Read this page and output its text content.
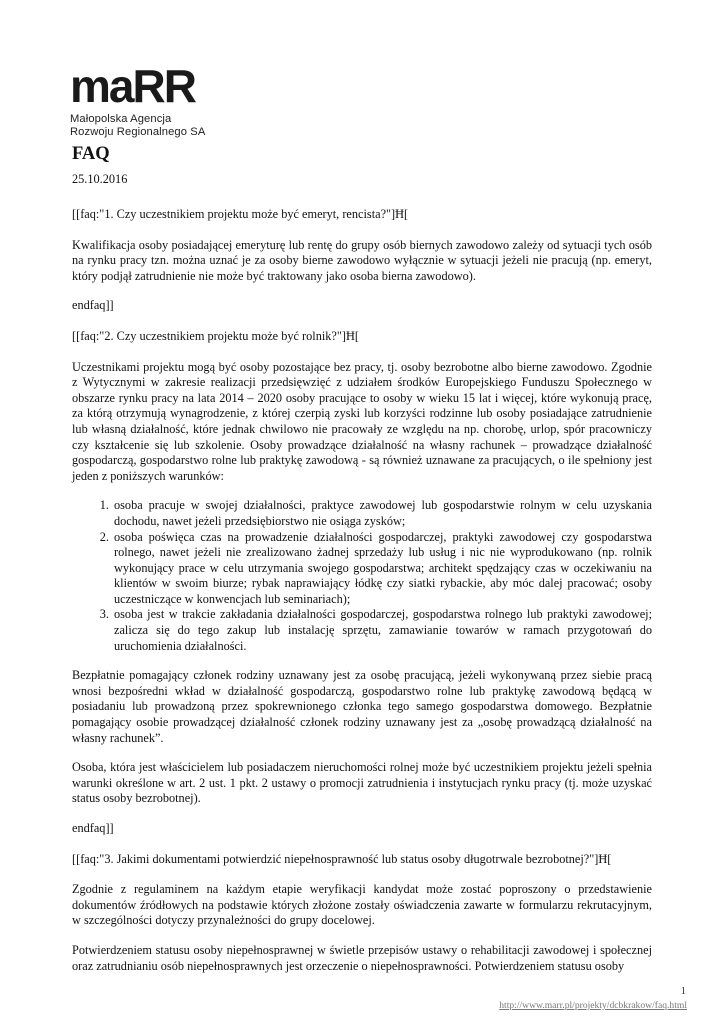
maRR
Małopolska Agencja
Rozwoju Regionalnego SA
FAQ
25.10.2016

[[faq:"1. Czy uczestnikiem projektu może być emeryt, rencista?"]Ħ[

Kwalifikacja osoby posiadającej emeryturę lub rentę do grupy osób biernych zawodowo zależy od sytuacji tych osób na rynku pracy tzn. można uznać je za osoby bierne zawodowo wyłącznie w sytuacji jeżeli nie pracują (np. emeryt, który podjął zatrudnienie nie może być traktowany jako osoba bierna zawodowo).

endfaq]]

[[faq:"2. Czy uczestnikiem projektu może być rolnik?"]Ħ[

Uczestnikami projektu mogą być osoby pozostające bez pracy, tj. osoby bezrobotne albo bierne zawodowo. Zgodnie z Wytycznymi w zakresie realizacji przedsięwzięć z udziałem środków Europejskiego Funduszu Społecznego w obszarze rynku pracy na lata 2014 – 2020 osoby pracujące to osoby w wieku 15 lat i więcej, które wykonują pracę, za którą otrzymują wynagrodzenie, z której czerpią zyski lub korzyści rodzinne lub osoby posiadające zatrudnienie lub własną działalność, które jednak chwilowo nie pracowały ze względu na np. chorobę, urlop, spór pracowniczy czy kształcenie się lub szkolenie. Osoby prowadzące działalność na własny rachunek – prowadzące działalność gospodarczą, gospodarstwo rolne lub praktykę zawodową - są również uznawane za pracujących, o ile spełniony jest jeden z poniższych warunków:

1. osoba pracuje w swojej działalności, praktyce zawodowej lub gospodarstwie rolnym w celu uzyskania dochodu, nawet jeżeli przedsiębiorstwo nie osiąga zysków;
2. osoba poświęca czas na prowadzenie działalności gospodarczej, praktyki zawodowej czy gospodarstwa rolnego, nawet jeżeli nie zrealizowano żadnej sprzedaży lub usług i nic nie wyprodukowano (np. rolnik wykonujący prace w celu utrzymania swojego gospodarstwa; architekt spędzający czas w oczekiwaniu na klientów w swoim biurze; rybak naprawiający łódkę czy siatki rybackie, aby móc dalej pracować; osoby uczestniczące w konwencjach lub seminariach);
3. osoba jest w trakcie zakładania działalności gospodarczej, gospodarstwa rolnego lub praktyki zawodowej; zalicza się do tego zakup lub instalację sprzętu, zamawianie towarów w ramach przygotowań do uruchomienia działalności.

Bezpłatnie pomagający członek rodziny uznawany jest za osobę pracującą, jeżeli wykonywaną przez siebie pracą wnosi bezpośredni wkład w działalność gospodarczą, gospodarstwo rolne lub praktykę zawodową będącą w posiadaniu lub prowadzoną przez spokrewnionego członka tego samego gospodarstwa domowego. Bezpłatnie pomagający osobie prowadzącej działalność członek rodziny uznawany jest za „osobę prowadzącą działalność na własny rachunek”.

Osoba, która jest właścicielem lub posiadaczem nieruchomości rolnej może być uczestnikiem projektu jeżeli spełnia warunki określone w art. 2 ust. 1 pkt. 2 ustawy o promocji zatrudnienia i instytucjach rynku pracy (tj. może uzyskać status osoby bezrobotnej).

endfaq]]

[[faq:"3. Jakimi dokumentami potwierdzić niepełnosprawność lub status osoby długotrwale bezrobotnej?"]Ħ[

Zgodnie z regulaminem na każdym etapie weryfikacji kandydat może zostać poproszony o przedstawienie dokumentów źródłowych na podstawie których złożone zostały oświadczenia zawarte w formularzu rekrutacyjnym, w szczególności dotyczy przynależności do grupy docelowej.

Potwierdzeniem statusu osoby niepełnosprawnej w świetle przepisów ustawy o rehabilitacji zawodowej i społecznej oraz zatrudnianiu osób niepełnosprawnych jest orzeczenie o niepełnosprawności. Potwierdzeniem statusu osoby

1
http://www.marr.pl/projekty/dcbkrakow/faq.html
